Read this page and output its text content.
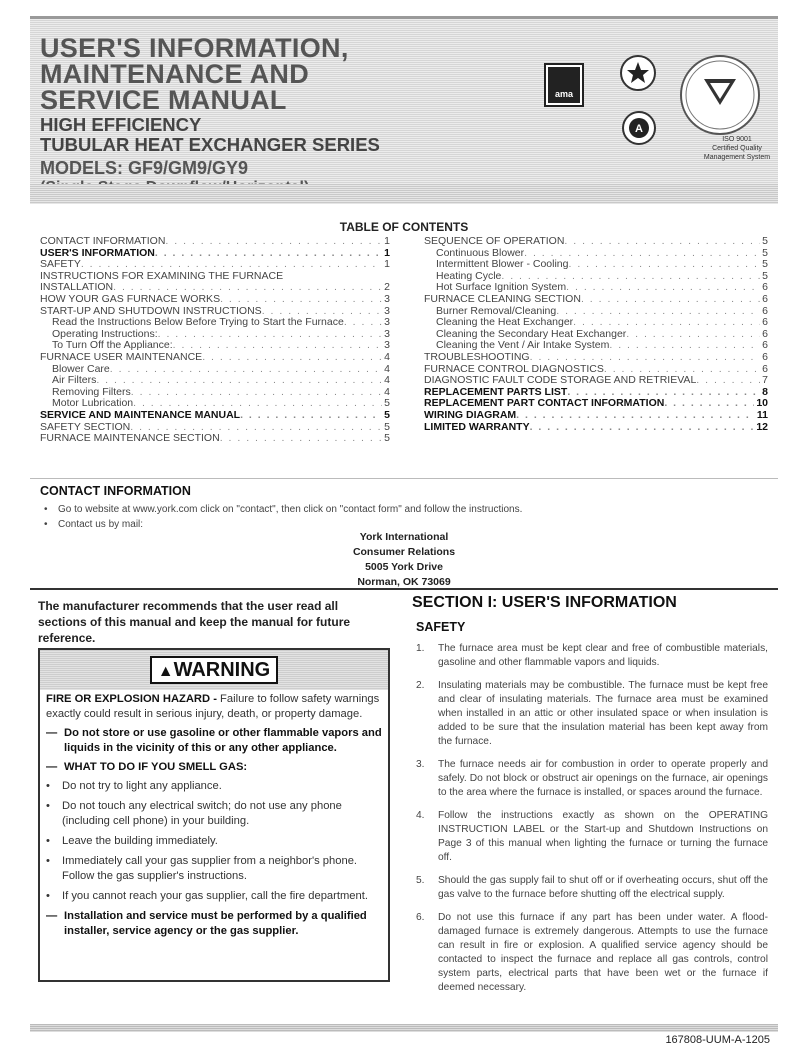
USER'S INFORMATION,
MAINTENANCE AND
SERVICE MANUAL
HIGH EFFICIENCY
TUBULAR HEAT EXCHANGER SERIES
MODELS: GF9/GM9/GY9
ama
A
ISO 9001
Certified Quality
Management System
TABLE OF CONTENTS
CONTACT INFORMATION . . .	1
USER'S INFORMATION . . .	1
SAFETY . . .	1
INSTRUCTIONS FOR EXAMINING THE FURNACE
INSTALLATION . . .	2
HOW YOUR GAS FURNACE WORKS . . .	3
START-UP AND SHUTDOWN INSTRUCTIONS . . .	3
Read the Instructions Below Before Trying to Start the Furnace . . .	3
Operating Instructions: . . .	3
To Turn Off the Appliance: . . .	3
FURNACE USER MAINTENANCE . . .	4
Blower Care . . .	4
Air Filters . . .	4
Removing Filters . . .	4
Motor Lubrication . . .	5
SERVICE AND MAINTENANCE MANUAL . . .	5
SAFETY SECTION . . .	5
FURNACE MAINTENANCE SECTION . . .	5
SEQUENCE OF OPERATION . . .	5
Continuous Blower . . .	5
Intermittent Blower - Cooling . . .	5
Heating Cycle . . .	5
Hot Surface Ignition System . . .	6
FURNACE CLEANING SECTION . . .	6
Burner Removal/Cleaning . . .	6
Cleaning the Heat Exchanger . . .	6
Cleaning the Secondary Heat Exchanger . . .	6
Cleaning the Vent / Air Intake System . . .	6
TROUBLESHOOTING . . .	6
FURNACE CONTROL DIAGNOSTICS . . .	6
DIAGNOSTIC FAULT CODE STORAGE AND RETRIEVAL . . .	7
REPLACEMENT PARTS LIST . . .	8
REPLACEMENT PART CONTACT INFORMATION . . .	10
WIRING DIAGRAM . . .	11
LIMITED WARRANTY . . .	12
CONTACT INFORMATION
• Go to website at www.york.com click on "contact", then click on "contact form" and follow the instructions.
• Contact us by mail:
York International
Consumer Relations
5005 York Drive
Norman, OK 73069
The manufacturer recommends that the user read all sections of this manual and keep the manual for future reference.
▲WARNING

FIRE OR EXPLOSION HAZARD - Failure to follow safety warnings exactly could result in serious injury, death, or property damage.

— Do not store or use gasoline or other flammable vapors and liquids in the vicinity of this or any other appliance.
— WHAT TO DO IF YOU SMELL GAS:
•	Do not try to light any appliance.
•	Do not touch any electrical switch; do not use any phone (including cell phone) in your building.
•	Leave the building immediately.
•	Immediately call your gas supplier from a neighbor's phone. Follow the gas supplier's instructions.
•	If you cannot reach your gas supplier, call the fire department.
— Installation and service must be performed by a qualified installer, service agency or the gas supplier.
SECTION I: USER'S INFORMATION
SAFETY
1.	The furnace area must be kept clear and free of combustible materials, gasoline and other flammable vapors and liquids.
2.	Insulating materials may be combustible. The furnace must be kept free and clear of insulating materials. The furnace area must be examined when installed in an attic or other insulated space or when insulation is added to be sure that the insulation material has been kept away from the furnace.
3.	The furnace needs air for combustion in order to operate properly and safely. Do not block or obstruct air openings on the furnace, air openings to the area where the furnace is installed, or spaces around the furnace.
4.	Follow the instructions exactly as shown on the OPERATING INSTRUCTION LABEL or the Start-up and Shutdown Instructions on Page 3 of this manual when lighting the furnace or turning the furnace off.
5.	Should the gas supply fail to shut off or if overheating occurs, shut off the gas valve to the furnace before shutting off the electrical supply.
6.	Do not use this furnace if any part has been under water. A flood-damaged furnace is extremely dangerous. Attempts to use the furnace can result in fire or explosion. A qualified service agency should be contacted to inspect the furnace and replace all gas controls, control system parts, electrical parts that have been wet or the furnace if deemed necessary.
167808-UUM-A-1205
